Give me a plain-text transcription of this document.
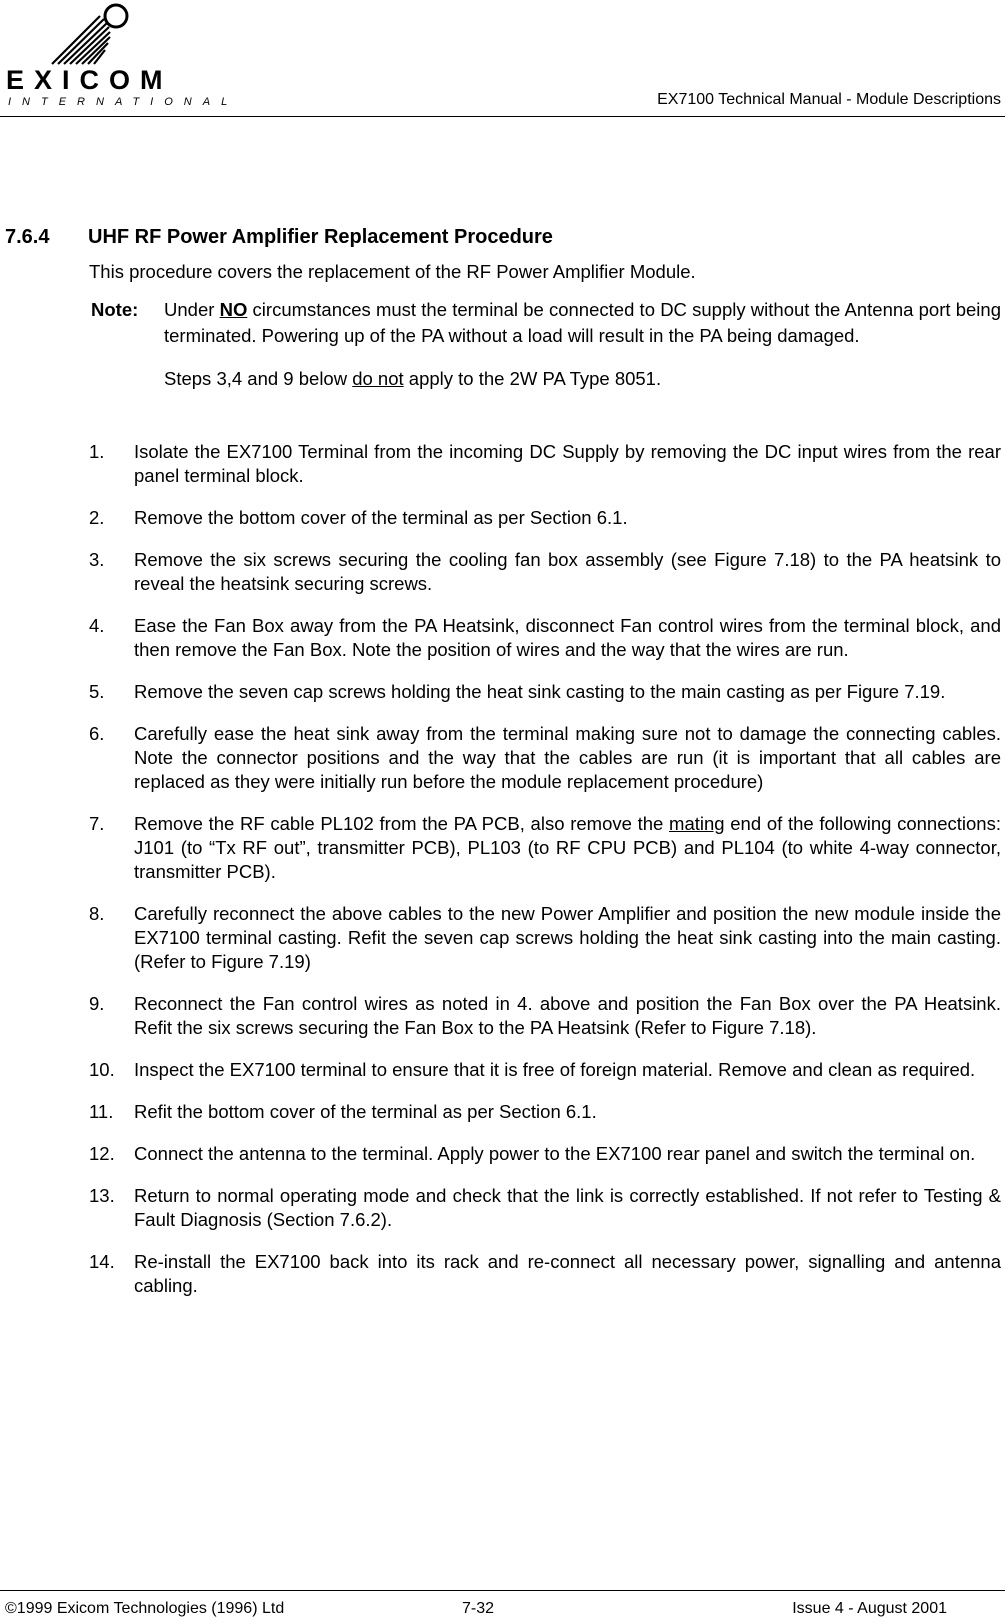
EXICOM
INTERNATIONAL	EX7100 Technical Manual - Module Descriptions
7.6.4 UHF RF Power Amplifier Replacement Procedure
This procedure covers the replacement of the RF Power Amplifier Module.
Note: Under NO circumstances must the terminal be connected to DC supply without the Antenna port being terminated. Powering up of the PA without a load will result in the PA being damaged.

Steps 3,4 and 9 below do not apply to the 2W PA Type 8051.

1. Isolate the EX7100 Terminal from the incoming DC Supply by removing the DC input wires from the rear panel terminal block.
2. Remove the bottom cover of the terminal as per Section 6.1.
3. Remove the six screws securing the cooling fan box assembly (see Figure 7.18) to the PA heatsink to reveal the heatsink securing screws.
4. Ease the Fan Box away from the PA Heatsink, disconnect Fan control wires from the terminal block, and then remove the Fan Box. Note the position of wires and the way that the wires are run.
5. Remove the seven cap screws holding the heat sink casting to the main casting as per Figure 7.19.
6. Carefully ease the heat sink away from the terminal making sure not to damage the connecting cables. Note the connector positions and the way that the cables are run (it is important that all cables are replaced as they were initially run before the module replacement procedure)
7. Remove the RF cable PL102 from the PA PCB, also remove the mating end of the following connections: J101 (to “Tx RF out”, transmitter PCB), PL103 (to RF CPU PCB) and PL104 (to white 4-way connector, transmitter PCB).
8. Carefully reconnect the above cables to the new Power Amplifier and position the new module inside the EX7100 terminal casting. Refit the seven cap screws holding the heat sink casting into the main casting. (Refer to Figure 7.19)
9. Reconnect the Fan control wires as noted in 4. above and position the Fan Box over the PA Heatsink. Refit the six screws securing the Fan Box to the PA Heatsink (Refer to Figure 7.18).
10. Inspect the EX7100 terminal to ensure that it is free of foreign material. Remove and clean as required.
11. Refit the bottom cover of the terminal as per Section 6.1.
12. Connect the antenna to the terminal. Apply power to the EX7100 rear panel and switch the terminal on.
13. Return to normal operating mode and check that the link is correctly established. If not refer to Testing & Fault Diagnosis (Section 7.6.2).
14. Re-install the EX7100 back into its rack and re-connect all necessary power, signalling and antenna cabling.
©1999 Exicom Technologies (1996) Ltd	7-32	Issue 4 - August 2001
